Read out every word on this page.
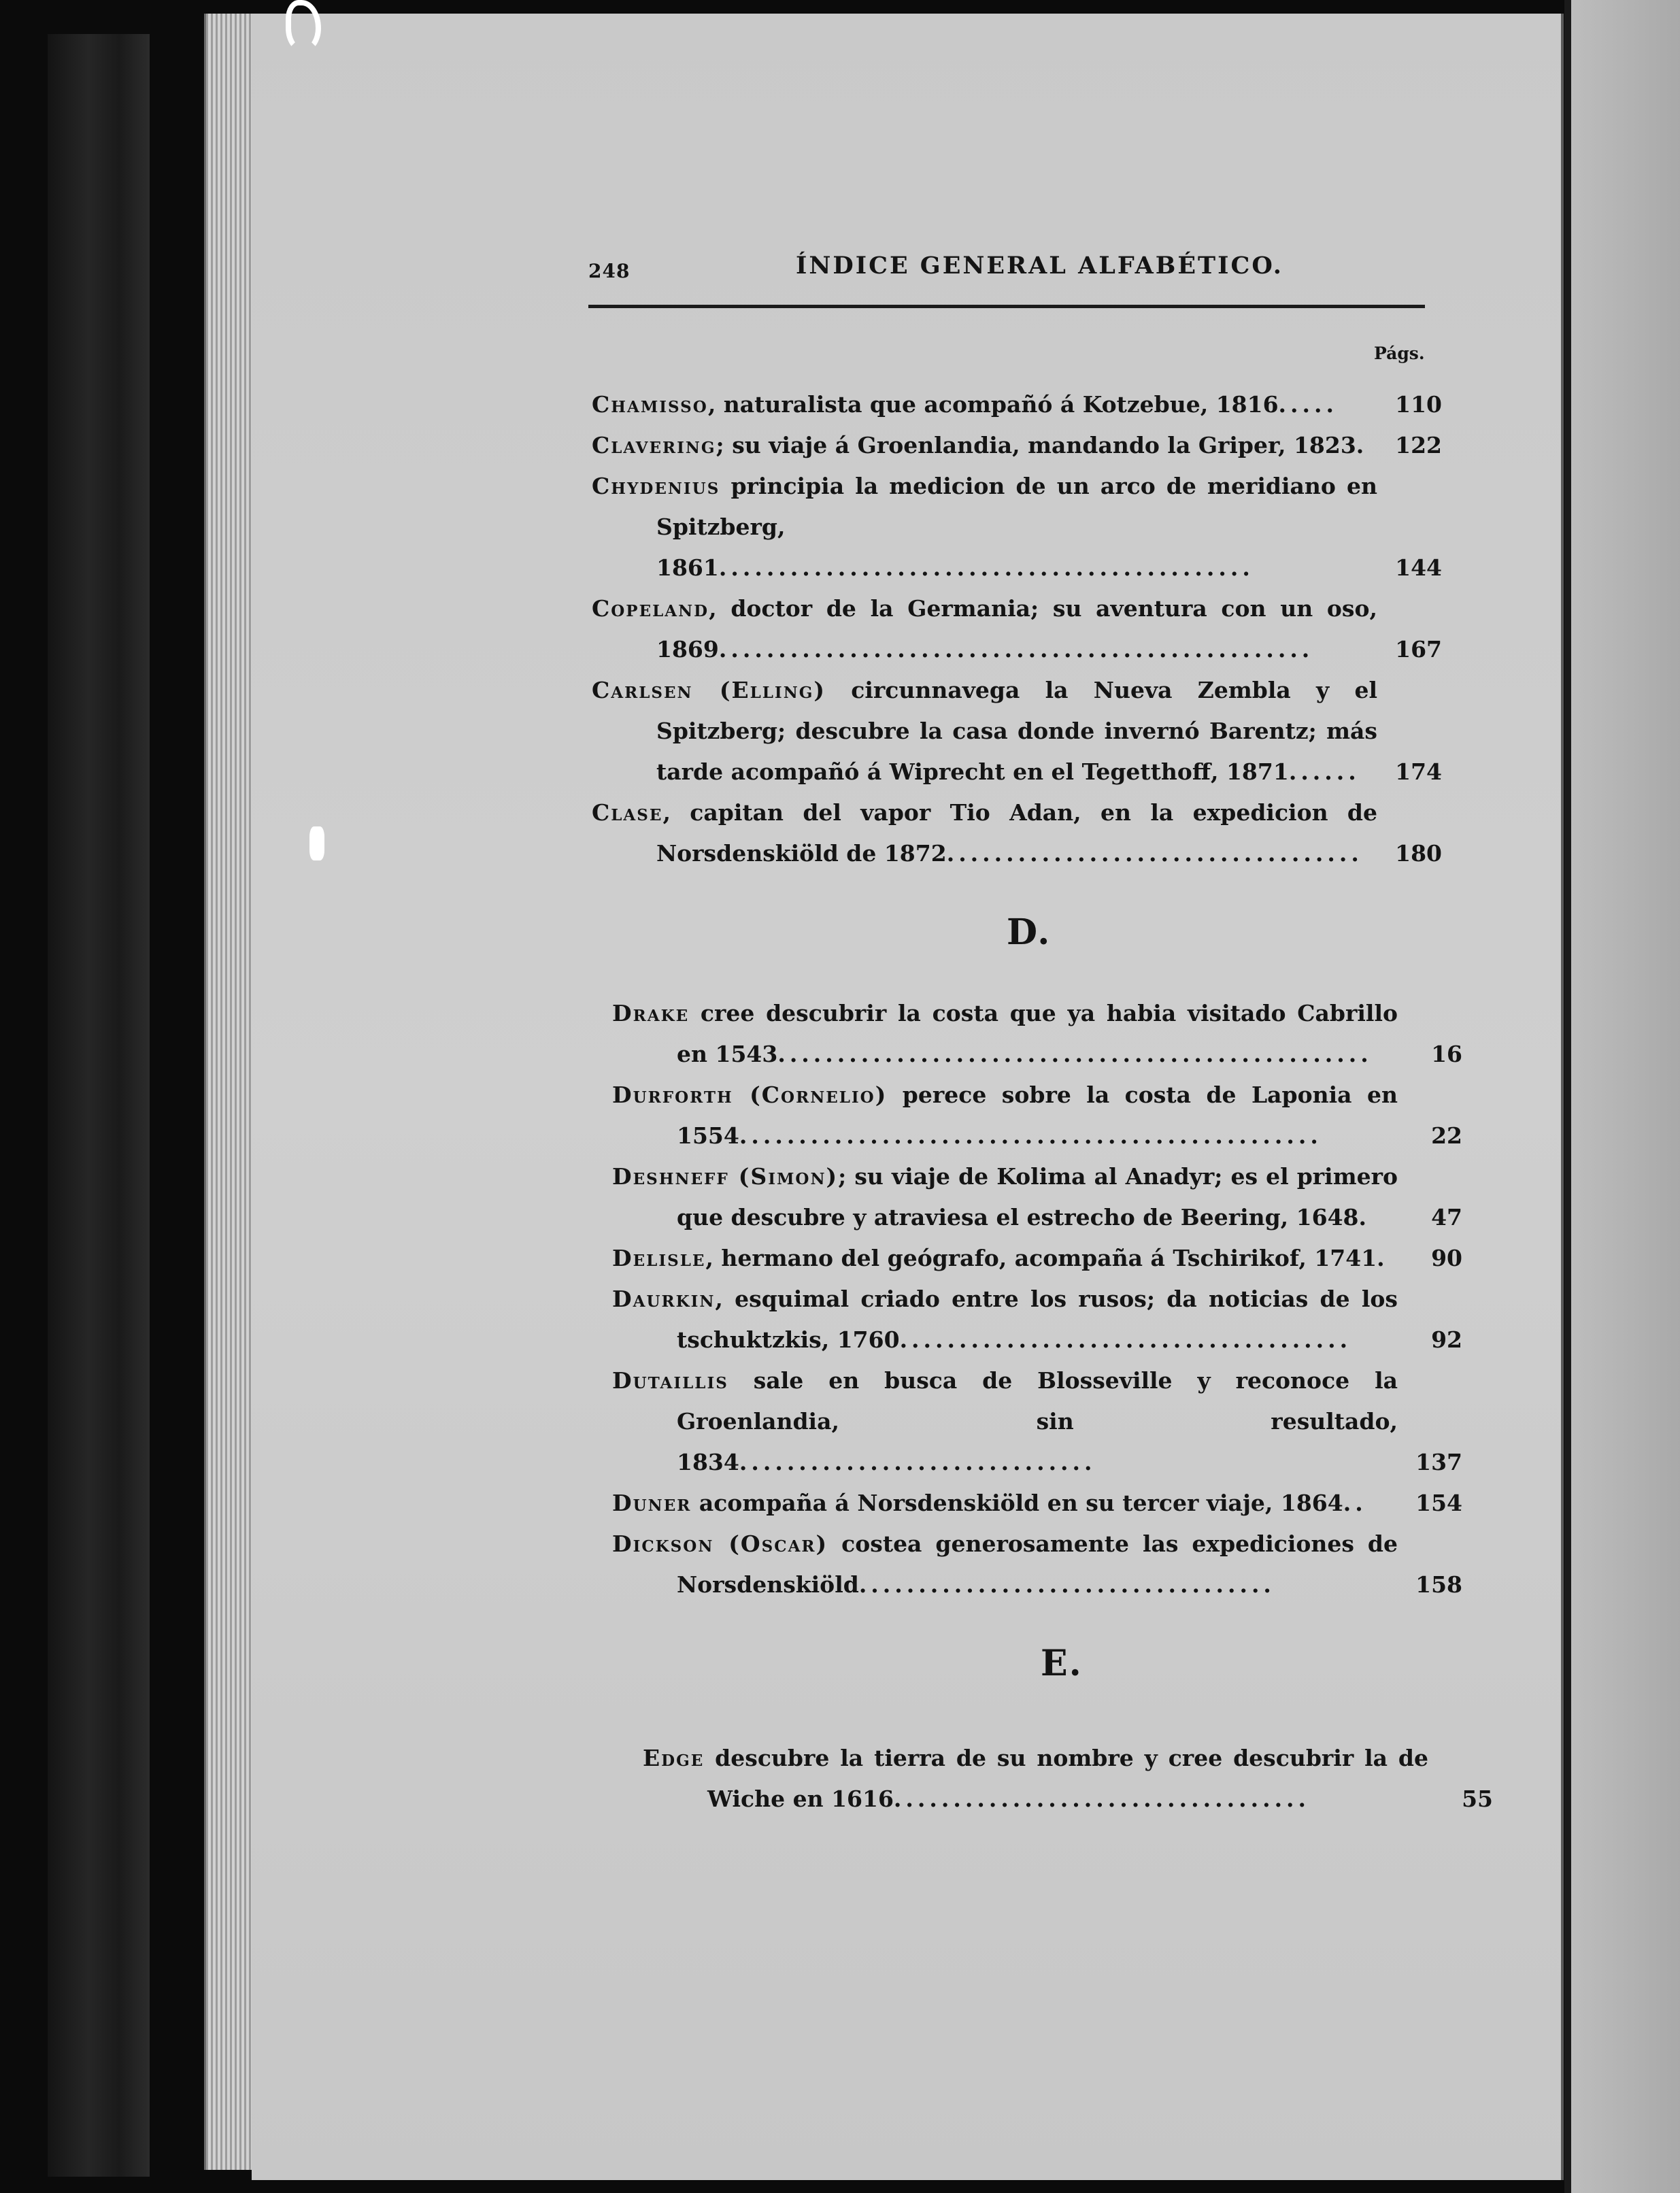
248	ÍNDICE GENERAL ALFABÉTICO.
Págs.
Chamisso, naturalista que acompañó á Kotzebue, 1816.....	110
Clavering; su viaje á Groenlandia, mandando la Griper, 1823.	122
Chydenius principia la medicion de un arco de meridiano en Spitzberg, 1861.............................................	144
Copeland, doctor de la Germania; su aventura con un oso, 1869..................................................	167
Carlsen (Elling) circunnavega la Nueva Zembla y el Spitzberg; descubre la casa donde invernó Barentz; más tarde acompañó á Wiprecht en el Tegetthoff, 1871......	174
Clase, capitan del vapor Tio Adan, en la expedicion de Norsdenskiöld de 1872...................................	180
D.
Drake cree descubrir la costa que ya habia visitado Cabrillo en 1543..................................................	16
Durforth (Cornelio) perece sobre la costa de Laponia en 1554.................................................	22
Deshneff (Simon); su viaje de Kolima al Anadyr; es el primero que descubre y atraviesa el estrecho de Beering, 1648.	47
Delisle, hermano del geógrafo, acompaña á Tschirikof, 1741.	90
Daurkin, esquimal criado entre los rusos; da noticias de los tschuktzkis, 1760......................................	92
Dutaillis sale en busca de Blosseville y reconoce la Groenlandia, sin resultado, 1834..............................	137
Duner acompaña á Norsdenskiöld en su tercer viaje, 1864..	154
Dickson (Oscar) costea generosamente las expediciones de Norsdenskiöld...................................	158
E.
Edge descubre la tierra de su nombre y cree descubrir la de Wiche en 1616...................................	55
